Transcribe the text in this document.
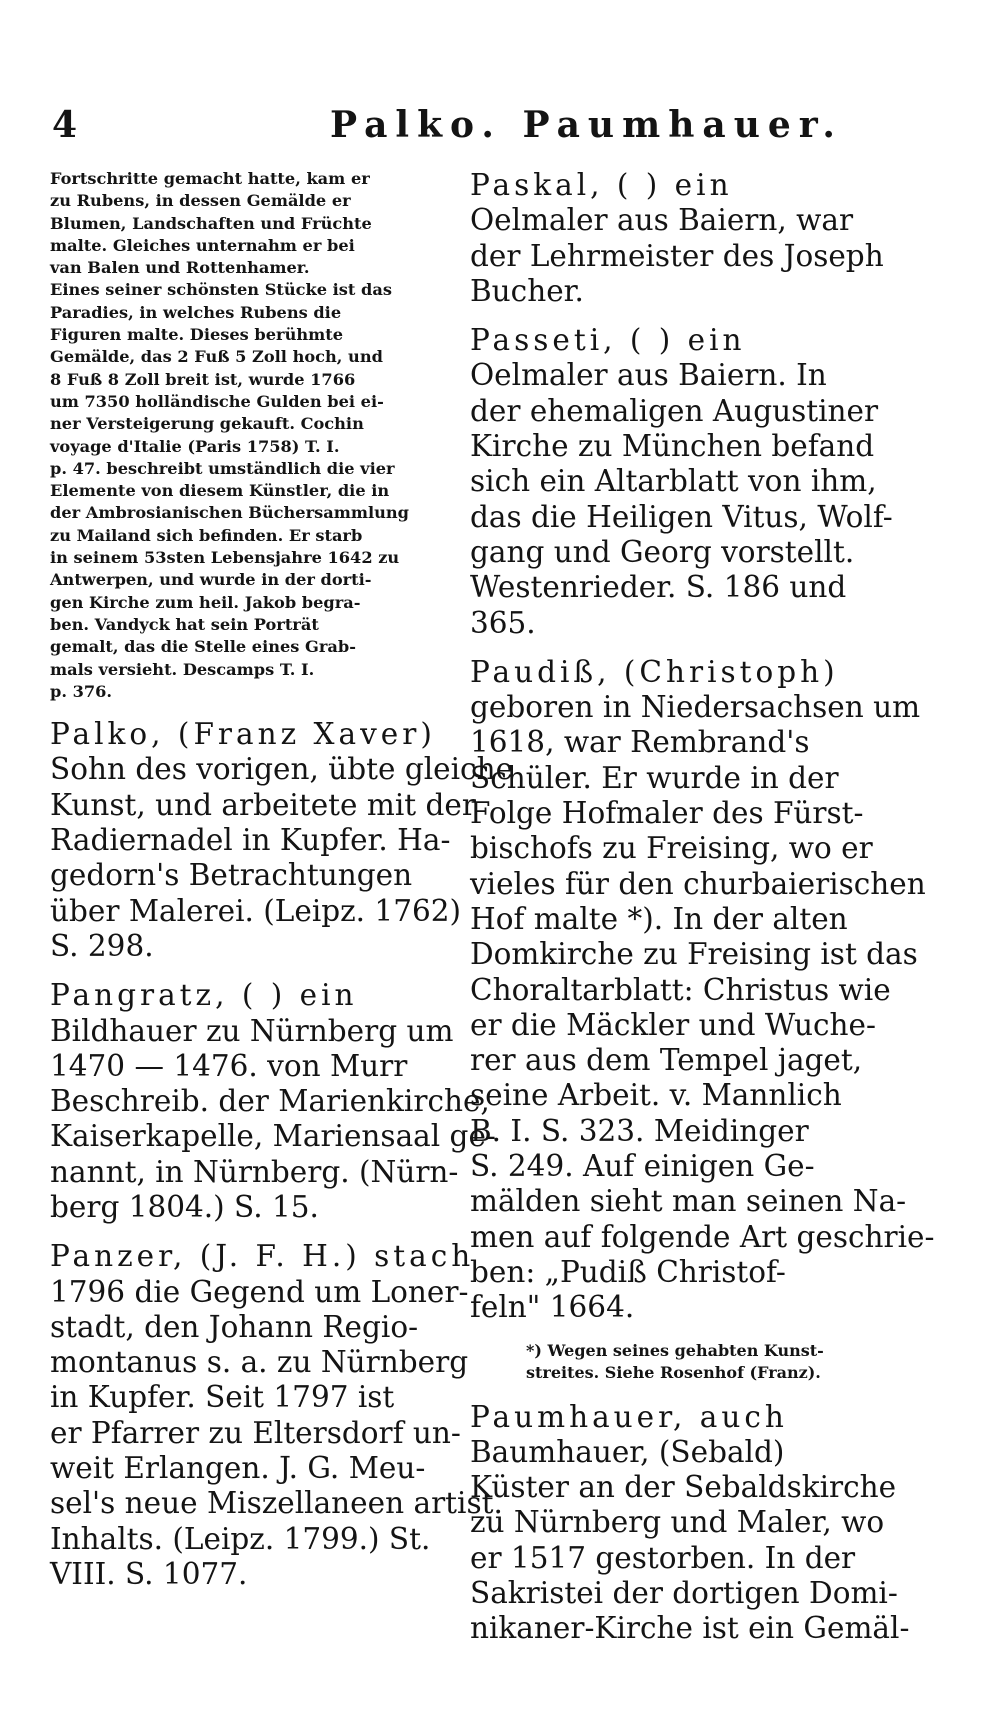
4	Palko. Paumhauer.
Fortschritte gemacht hatte, kam er
zu Rubens, in dessen Gemälde er
Blumen, Landschaften und Früchte
malte. Gleiches unternahm er bei
van Balen und Rottenhamer.
Eines seiner schönsten Stücke ist das
Paradies, in welches Rubens die
Figuren malte. Dieses berühmte
Gemälde, das 2 Fuß 5 Zoll hoch, und
8 Fuß 8 Zoll breit ist, wurde 1766
um 7350 holländische Gulden bei ei-
ner Versteigerung gekauft. Cochin
voyage d'Italie (Paris 1758) T. I.
p. 47. beschreibt umständlich die vier
Elemente von diesem Künstler, die in
der Ambrosianischen Büchersammlung
zu Mailand sich befinden. Er starb
in seinem 53sten Lebensjahre 1642 zu
Antwerpen, und wurde in der dorti-
gen Kirche zum heil. Jakob begra-
ben. Vandyck hat sein Porträt
gemalt, das die Stelle eines Grab-
mals versieht. Descamps T. I.
p. 376.
Palko, (Franz Xaver)
Sohn des vorigen, übte gleiche
Kunst, und arbeitete mit der
Radiernadel in Kupfer. Ha-
gedorn's Betrachtungen
über Malerei. (Leipz. 1762)
S. 298.
Pangratz, ( ) ein
Bildhauer zu Nürnberg um
1470 — 1476. von Murr
Beschreib. der Marienkirche,
Kaiserkapelle, Mariensaal ge-
nannt, in Nürnberg. (Nürn-
berg 1804.) S. 15.
Panzer, (J. F. H.) stach
1796 die Gegend um Loner-
stadt, den Johann Regio-
montanus s. a. zu Nürnberg
in Kupfer. Seit 1797 ist
er Pfarrer zu Eltersdorf un-
weit Erlangen. J. G. Meu-
sel's neue Miszellaneen artist.
Inhalts. (Leipz. 1799.) St.
VIII. S. 1077.
Paskal, ( ) ein
Oelmaler aus Baiern, war
der Lehrmeister des Joseph
Bucher.
Passeti, ( ) ein
Oelmaler aus Baiern. In
der ehemaligen Augustiner
Kirche zu München befand
sich ein Altarblatt von ihm,
das die Heiligen Vitus, Wolf-
gang und Georg vorstellt.
Westenrieder. S. 186 und
365.
Paudiß, (Christoph)
geboren in Niedersachsen um
1618, war Rembrand's
Schüler. Er wurde in der
Folge Hofmaler des Fürst-
bischofs zu Freising, wo er
vieles für den churbaierischen
Hof malte *). In der alten
Domkirche zu Freising ist das
Choraltarblatt: Christus wie
er die Mäckler und Wuche-
rer aus dem Tempel jaget,
seine Arbeit. v. Mannlich
B. I. S. 323. Meidinger
S. 249. Auf einigen Ge-
mälden sieht man seinen Na-
men auf folgende Art geschrie-
ben: „Pudiß Christof-
feln" 1664.
*) Wegen seines gehabten Kunst-
streites. Siehe Rosenhof (Franz).
Paumhauer, auch
Baumhauer, (Sebald)
Küster an der Sebaldskirche
zu Nürnberg und Maler, wo
er 1517 gestorben. In der
Sakristei der dortigen Domi-
nikaner-Kirche ist ein Gemäl-
